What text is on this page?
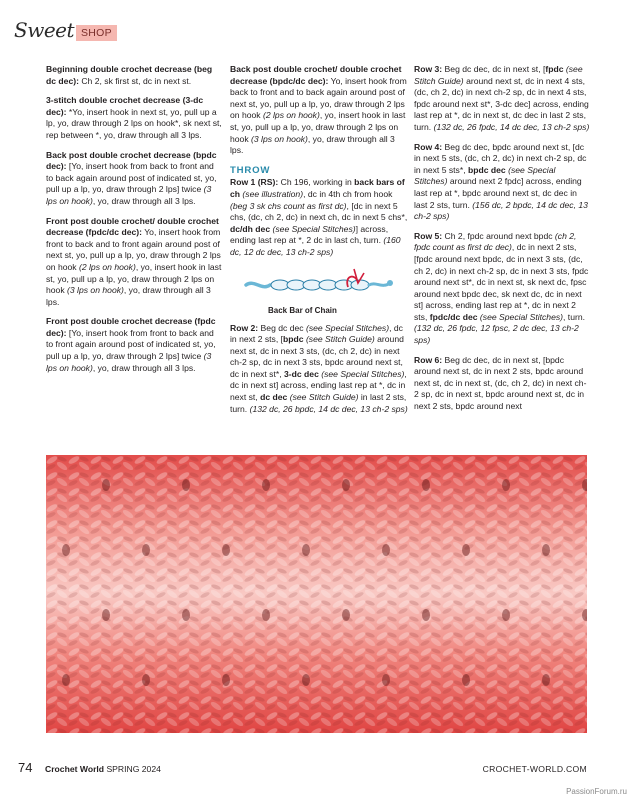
Sweet SHOP

Beginning double crochet decrease (beg dc dec): Ch 2, sk first st, dc in next st.

3-stitch double crochet decrease (3-dc dec): *Yo, insert hook in next st, yo, pull up a lp, yo, draw through 2 lps on hook*, sk next st, rep between *, yo, draw through all 3 lps.

Back post double crochet decrease (bpdc dec): [Yo, insert hook from back to front and to back again around post of indicated st, yo, pull up a lp, yo, draw through 2 lps] twice (3 lps on hook), yo, draw through all 3 lps.

Front post double crochet/ double crochet decrease (fpdc/dc dec): Yo, insert hook from front to back and to front again around post of next st, yo, pull up a lp, yo, draw through 2 lps on hook (2 lps on hook), yo, insert hook in last st, yo, pull up a lp, yo, draw through 2 lps on hook (3 lps on hook), yo, draw through all 3 lps.

Front post double crochet decrease (fpdc dec): [Yo, insert hook from front to back and to front again around post of indicated st, yo, pull up a lp, yo, draw through 2 lps] twice (3 lps on hook), yo, draw through all 3 lps.

Back post double crochet/ double crochet decrease (bpdc/dc dec): Yo, insert hook from back to front and to back again around post of next st, yo, pull up a lp, yo, draw through 2 lps on hook (2 lps on hook), yo, insert hook in last st, yo, pull up a lp, yo, draw through 2 lps on hook (3 lps on hook), yo, draw through all 3 lps.

THROW

Row 1 (RS): Ch 196, working in back bars of ch (see illustration), dc in 4th ch from hook (beg 3 sk chs count as first dc), [dc in next 5 chs, (dc, ch 2, dc) in next ch, dc in next 5 chs*, dc/dh dec (see Special Stitches)] across, ending last rep at *, 2 dc in last ch, turn. (160 dc, 12 dc dec, 13 ch-2 sps)

Back Bar of Chain

Row 2: Beg dc dec (see Special Stitches), dc in next 2 sts, [bpdc (see Stitch Guide) around next st, dc in next 3 sts, (dc, ch 2, dc) in next ch-2 sp, dc in next 3 sts, bpdc around next st, dc in next st*, 3-dc dec (see Special Stitches), dc in next st] across, ending last rep at *, dc in next st, dc dec (see Stitch Guide) in last 2 sts, turn. (132 dc, 26 bpdc, 14 dc dec, 13 ch-2 sps)

Row 3: Beg dc dec, dc in next st, [fpdc (see Stitch Guide) around next st, dc in next 4 sts, (dc, ch 2, dc) in next ch-2 sp, dc in next 4 sts, fpdc around next st*, 3-dc dec] across, ending last rep at *, dc in next st, dc dec in last 2 sts, turn. (132 dc, 26 fpdc, 14 dc dec, 13 ch-2 sps)

Row 4: Beg dc dec, bpdc around next st, [dc in next 5 sts, (dc, ch 2, dc) in next ch-2 sp, dc in next 5 sts*, bpdc dec (see Special Stitches) around next 2 fpdc] across, ending last rep at *, bpdc around next st, dc dec in last 2 sts, turn. (156 dc, 2 bpdc, 14 dc dec, 13 ch-2 sps)

Row 5: Ch 2, fpdc around next bpdc (ch 2, fpdc count as first dc dec), dc in next 2 sts, [fpdc around next bpdc, dc in next 3 sts, (dc, ch 2, dc) in next ch-2 sp, dc in next 3 sts, fpdc around next st*, dc in next st, sk next dc, fpsc around next bpdc dec, sk next dc, dc in next st] across, ending last rep at *, dc in next 2 sts, fpdc/dc dec (see Special Stitches), turn. (132 dc, 26 fpdc, 12 fpsc, 2 dc dec, 13 ch-2 sps)

Row 6: Beg dc dec, dc in next st, [bpdc around next st, dc in next 2 sts, bpdc around next st, dc in next st, (dc, ch 2, dc) in next ch-2 sp, dc in next st, bpdc around next st, dc in next 2 sts, bpdc around next

74 Crochet World SPRING 2024	CROCHET-WORLD.COM
PassionForum.ru
